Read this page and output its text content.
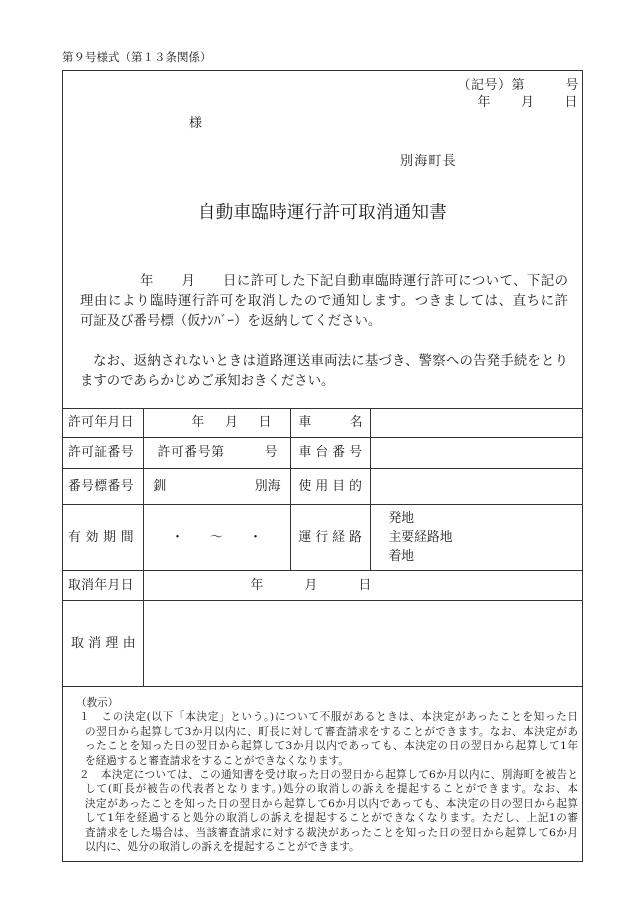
第９号様式（第１３条関係）
（記号）第　　　号
年　　月　　日
様
別海町長
自動車臨時運行許可取消通知書
年　　月　　日に許可した下記自動車臨時運行許可について、下記の
理由により臨時運行許可を取消したので通知します。つきましては、直ちに許
可証及び番号標（仮ﾅﾝﾊﾞｰ）を返納してください。
なお、返納されないときは道路運送車両法に基づき、警察への告発手続をとり
ますのであらかじめご承知おきください。
許可年月日	年　　月　　日	車　　　名	
許可証番号	許可番号第　　　号	車 台 番 号	
番号標番号	釧 別海	使 用 目 的	
有 効 期 間	・　　～　　・	運 行 経 路	発地
主要経路地
着地

取消年月日	年　　　月　　　日		
取 消 理 由			
（教示）
１　この決定(以下「本決定」という。)について不服があるときは、本決定があったことを知った日
の翌日から起算して3か月以内に、町長に対して審査請求をすることができます。なお、本決定があ
ったことを知った日の翌日から起算して3か月以内であっても、本決定の日の翌日から起算して1年
を経過すると審査請求をすることができなくなります。
２　本決定については、この通知書を受け取った日の翌日から起算して6か月以内に、別海町を被告と
して(町長が被告の代表者となります。)処分の取消しの訴えを提起することができます。なお、本
決定があったことを知った日の翌日から起算して6か月以内であっても、本決定の日の翌日から起算
して1年を経過すると処分の取消しの訴えを提起することができなくなります。ただし、上記1の審
査請求をした場合は、当該審査請求に対する裁決があったことを知った日の翌日から起算して6か月
以内に、処分の取消しの訴えを提起することができます。
